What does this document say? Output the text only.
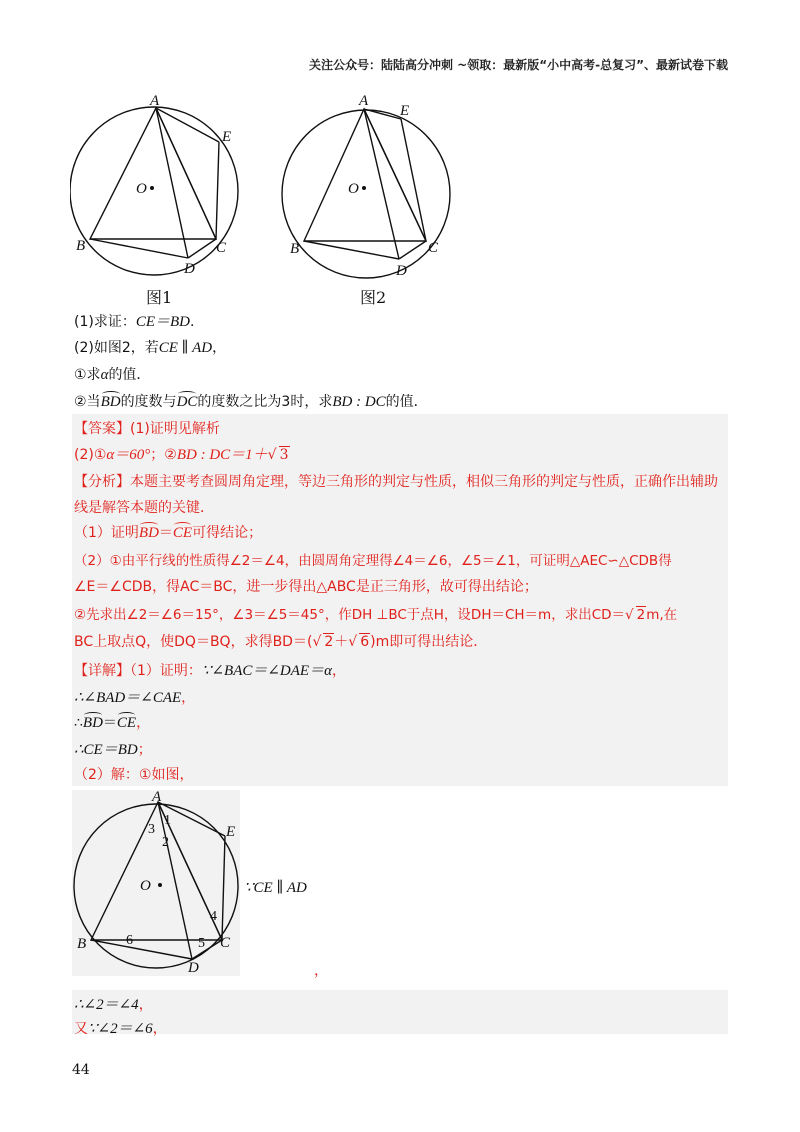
关注公众号：陆陆高分冲刺 ~领取：最新版“小中高考-总复习”、最新试卷下载
A
E
O
B	C
D
A
E
O
B	C
D
图1	图2
(1)求证：CE＝BD.
(2)如图2，若CE ∥ AD，
①求α的值．
②当BD的度数与DC的度数之比为3时，求BD : DC的值．
【答案】(1)证明见解析
(2)①α＝60°；②BD : DC＝1＋√ 3
【分析】本题主要考查圆周角定理，等边三角形的判定与性质，相似三角形的判定与性质，正确作出辅助
线是解答本题的关键．
（1）证明BD＝CE可得结论；
（2）①由平行线的性质得∠2＝∠4，由圆周角定理得∠4＝∠6，∠5＝∠1，可证明△AEC∽△CDB得
∠E＝∠CDB，得AC＝BC，进一步得出△ABC是正三角形，故可得出结论；
②先求出∠2＝∠6＝15°，∠3＝∠5＝45°，作DH ⊥BC于点H，设DH＝CH＝m，求出CD＝√ 2m,在
BC上取点Q，使DQ＝BQ，求得BD＝(√ 2＋√ 6)m即可得出结论．
【详解】（1）证明：∵∠BAC＝∠DAE＝α，
∴∠BAD＝∠CAE，
∴BD＝CE，
∴CE＝BD；
（2）解：①如图，
A
E
O
B	C
D
1
2
3
4
5
6
∵CE ∥ AD
，
∴∠2＝∠4，
又∵∠2＝∠6，
44
